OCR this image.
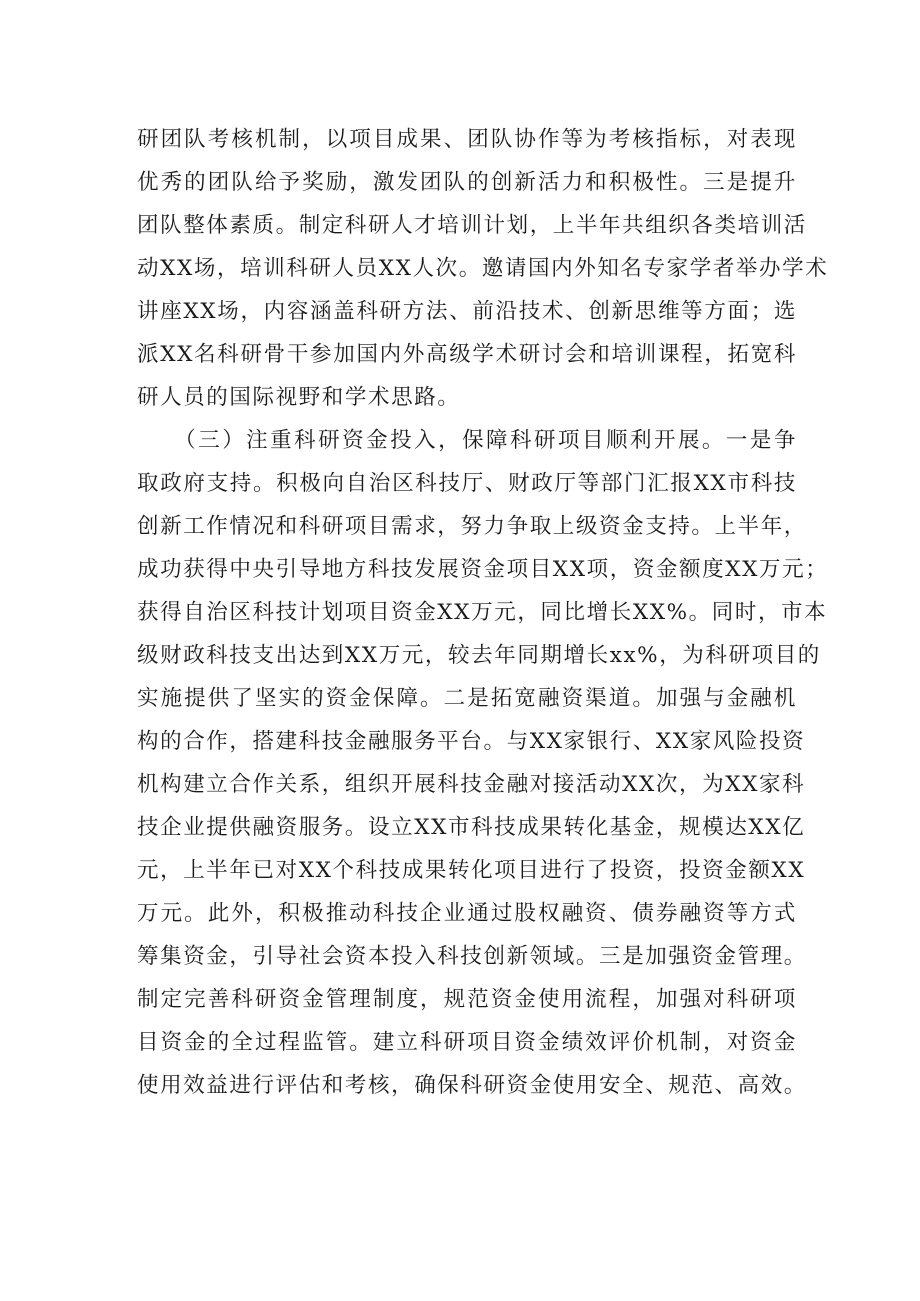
研团队考核机制，以项目成果、团队协作等为考核指标，对表现
优秀的团队给予奖励，激发团队的创新活力和积极性。三是提升
团队整体素质。制定科研人才培训计划，上半年共组织各类培训活
动XX场，培训科研人员XX人次。邀请国内外知名专家学者举办学术
讲座XX场，内容涵盖科研方法、前沿技术、创新思维等方面；选
派XX名科研骨干参加国内外高级学术研讨会和培训课程，拓宽科
研人员的国际视野和学术思路。
　　（三）注重科研资金投入，保障科研项目顺利开展。一是争
取政府支持。积极向自治区科技厅、财政厅等部门汇报XX市科技
创新工作情况和科研项目需求，努力争取上级资金支持。上半年，
成功获得中央引导地方科技发展资金项目XX项，资金额度XX万元；
获得自治区科技计划项目资金XX万元，同比增长XX%。同时，市本
级财政科技支出达到XX万元，较去年同期增长xx%，为科研项目的
实施提供了坚实的资金保障。二是拓宽融资渠道。加强与金融机
构的合作，搭建科技金融服务平台。与XX家银行、XX家风险投资
机构建立合作关系，组织开展科技金融对接活动XX次，为XX家科
技企业提供融资服务。设立XX市科技成果转化基金，规模达XX亿
元，上半年已对XX个科技成果转化项目进行了投资，投资金额XX
万元。此外，积极推动科技企业通过股权融资、债券融资等方式
筹集资金，引导社会资本投入科技创新领域。三是加强资金管理。
制定完善科研资金管理制度，规范资金使用流程，加强对科研项
目资金的全过程监管。建立科研项目资金绩效评价机制，对资金
使用效益进行评估和考核，确保科研资金使用安全、规范、高效。
